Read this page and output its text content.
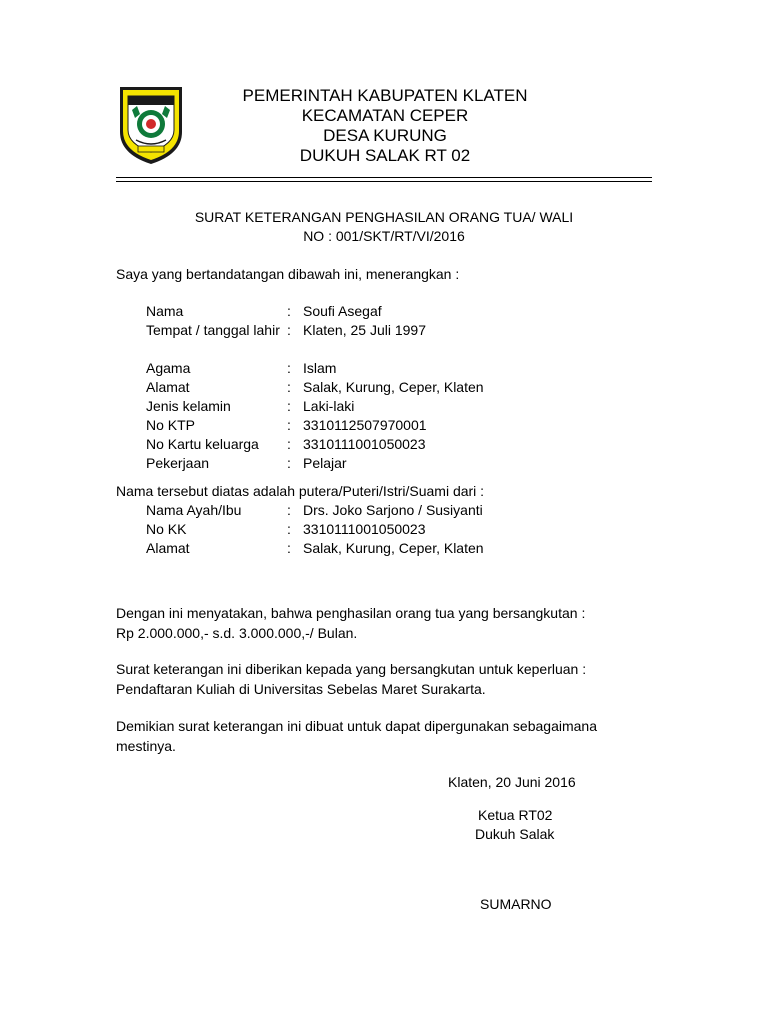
PEMERINTAH KABUPATEN KLATEN
KECAMATAN CEPER
DESA KURUNG
DUKUH SALAK RT 02
SURAT KETERANGAN PENGHASILAN ORANG TUA/ WALI
NO : 001/SKT/RT/VI/2016
Saya yang bertandatangan dibawah ini, menerangkan :
Nama	: Soufi Asegaf
Tempat / tanggal lahir : Klaten, 25 Juli 1997
Agama	: Islam
Alamat	: Salak, Kurung, Ceper, Klaten
Jenis kelamin	: Laki-laki
No KTP	: 3310112507970001
No Kartu keluarga	: 3310111001050023
Pekerjaan	: Pelajar
Nama tersebut diatas adalah putera/Puteri/Istri/Suami dari :
Nama Ayah/Ibu	: Drs. Joko Sarjono / Susiyanti
No KK	: 3310111001050023
Alamat	: Salak, Kurung, Ceper, Klaten
Dengan ini menyatakan, bahwa penghasilan orang tua yang bersangkutan :
Rp 2.000.000,- s.d. 3.000.000,-/ Bulan.
Surat keterangan ini diberikan kepada yang bersangkutan untuk keperluan :
Pendaftaran Kuliah di Universitas Sebelas Maret Surakarta.
Demikian surat keterangan ini dibuat untuk dapat dipergunakan sebagaimana
mestinya.
Klaten, 20 Juni 2016
Ketua RT02
Dukuh Salak
SUMARNO
